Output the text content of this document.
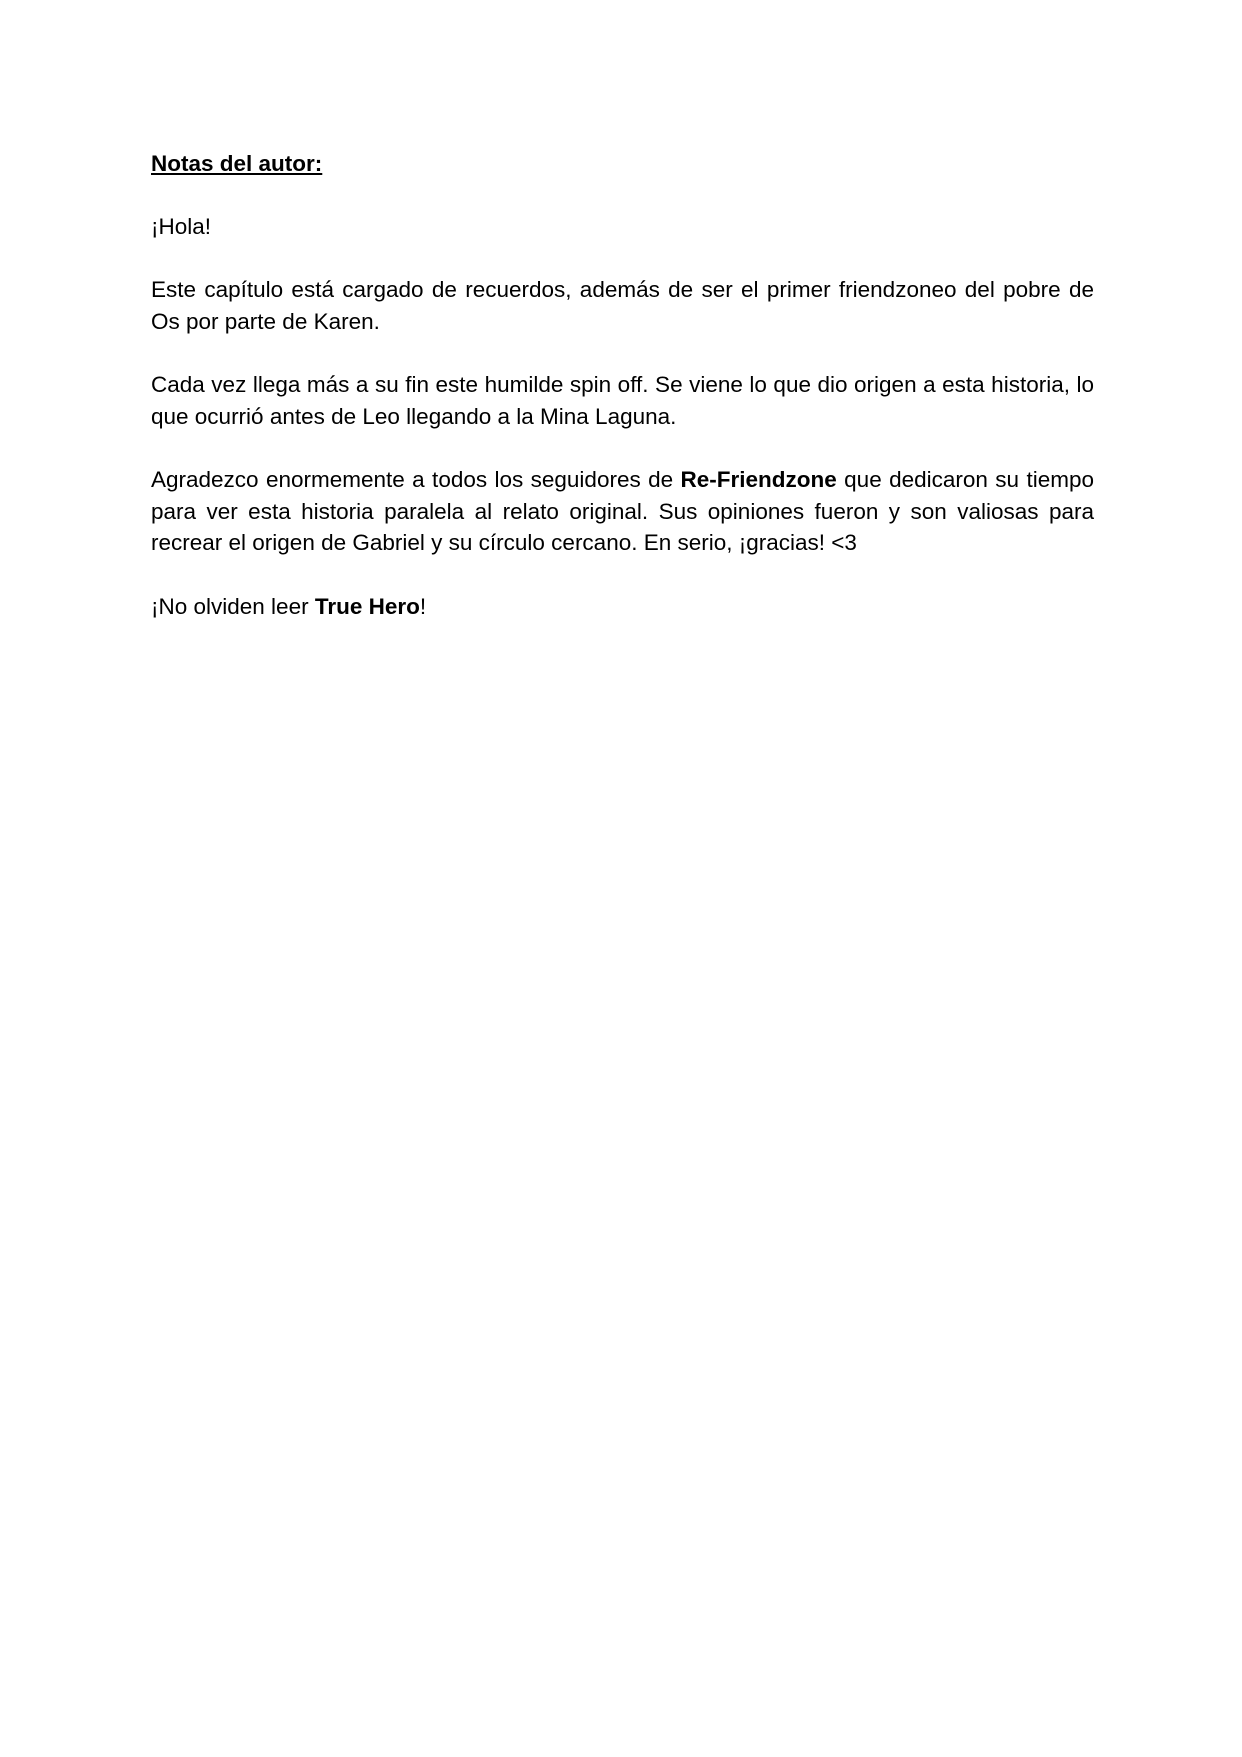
Notas del autor:

¡Hola!

Este capítulo está cargado de recuerdos, además de ser el primer friendzoneo del pobre de Os por parte de Karen.

Cada vez llega más a su fin este humilde spin off. Se viene lo que dio origen a esta historia, lo que ocurrió antes de Leo llegando a la Mina Laguna.

Agradezco enormemente a todos los seguidores de Re-Friendzone que dedicaron su tiempo para ver esta historia paralela al relato original. Sus opiniones fueron y son valiosas para recrear el origen de Gabriel y su círculo cercano. En serio, ¡gracias! <3

¡No olviden leer True Hero!
